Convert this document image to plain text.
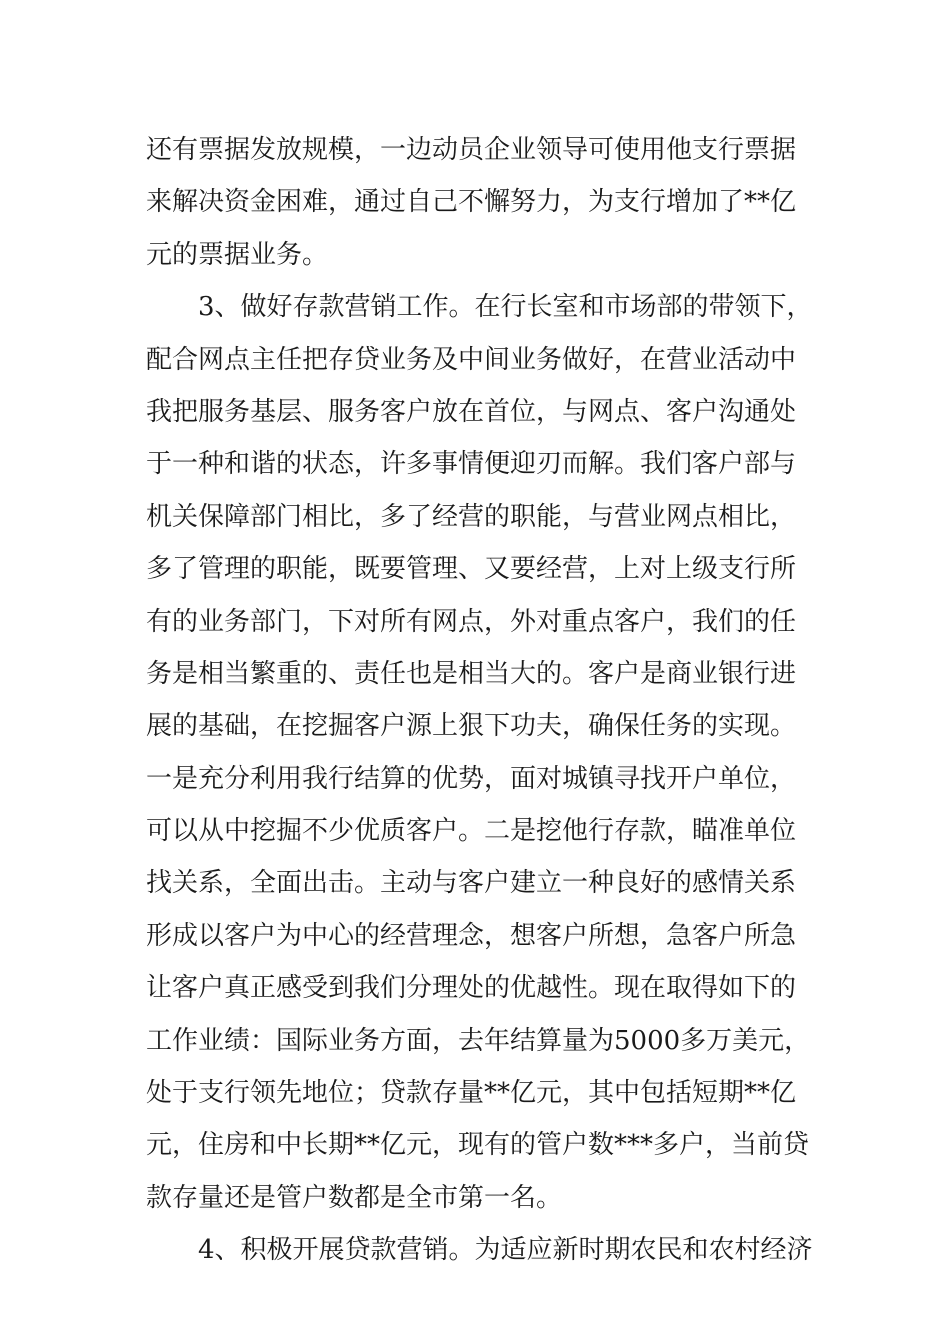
还有票据发放规模，一边动员企业领导可使用他支行票据
来解决资金困难，通过自己不懈努力，为支行增加了**亿
元的票据业务。
3、做好存款营销工作。在行长室和市场部的带领下，
配合网点主任把存贷业务及中间业务做好，在营业活动中
我把服务基层、服务客户放在首位，与网点、客户沟通处
于一种和谐的状态，许多事情便迎刃而解。我们客户部与
机关保障部门相比，多了经营的职能，与营业网点相比，
多了管理的职能，既要管理、又要经营，上对上级支行所
有的业务部门，下对所有网点，外对重点客户，我们的任
务是相当繁重的、责任也是相当大的。客户是商业银行进
展的基础，在挖掘客户源上狠下功夫，确保任务的实现。
一是充分利用我行结算的优势，面对城镇寻找开户单位，
可以从中挖掘不少优质客户。二是挖他行存款，瞄准单位
找关系，全面出击。主动与客户建立一种良好的感情关系
形成以客户为中心的经营理念，想客户所想，急客户所急
让客户真正感受到我们分理处的优越性。现在取得如下的
工作业绩：国际业务方面，去年结算量为5000多万美元，
处于支行领先地位；贷款存量**亿元，其中包括短期**亿
元，住房和中长期**亿元，现有的管户数***多户，当前贷
款存量还是管户数都是全市第一名。
4、积极开展贷款营销。为适应新时期农民和农村经济
